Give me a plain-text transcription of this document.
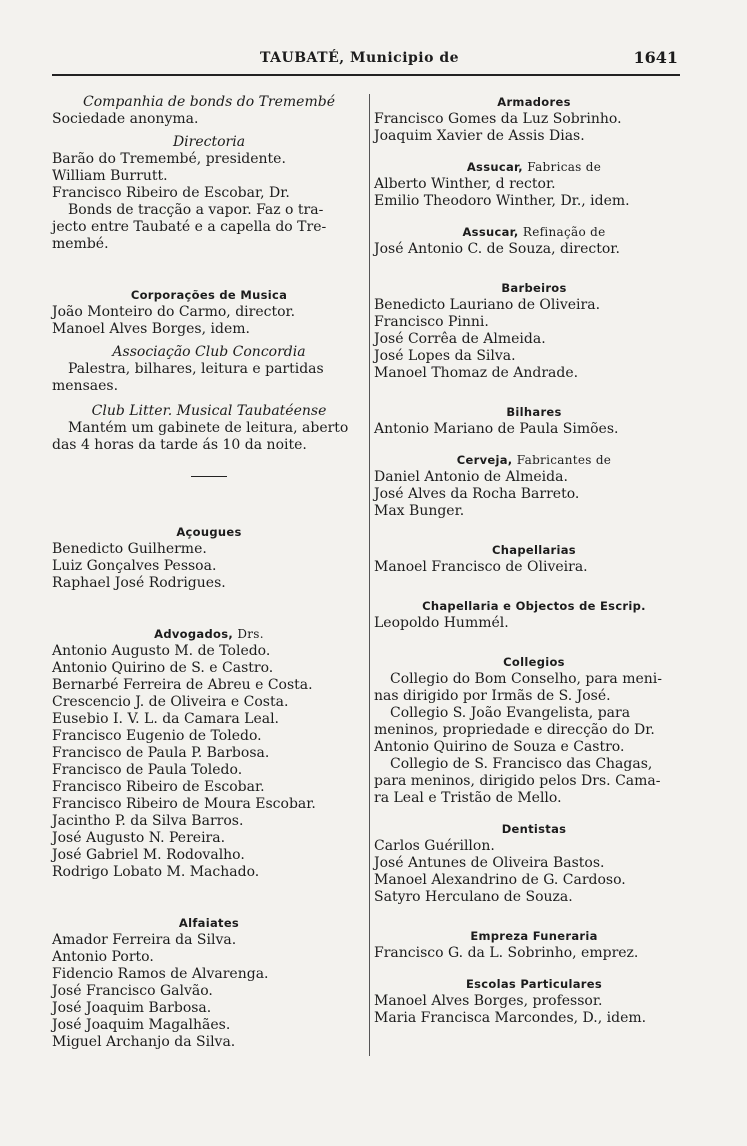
TAUBATÉ, Municipio de	1641
Companhia de bonds do Tremembé
Sociedade anonyma.
Directoria
Barão do Tremembé, presidente.
William Burrutt.
Francisco Ribeiro de Escobar, Dr.
Bonds de tracção a vapor. Faz o tra-
jecto entre Taubaté e a capella do Tre-
membé.
Corporações de Musica
João Monteiro do Carmo, director.
Manoel Alves Borges, idem.
Associação Club Concordia
Palestra, bilhares, leitura e partidas
mensaes.
Club Litter. Musical Taubatéense
Mantém um gabinete de leitura, aberto
das 4 horas da tarde ás 10 da noite.
Açougues
Benedicto Guilherme.
Luiz Gonçalves Pessoa.
Raphael José Rodrigues.
Advogados, Drs.
Antonio Augusto M. de Toledo.
Antonio Quirino de S. e Castro.
Bernarbé Ferreira de Abreu e Costa.
Crescencio J. de Oliveira e Costa.
Eusebio I. V. L. da Camara Leal.
Francisco Eugenio de Toledo.
Francisco de Paula P. Barbosa.
Francisco de Paula Toledo.
Francisco Ribeiro de Escobar.
Francisco Ribeiro de Moura Escobar.
Jacintho P. da Silva Barros.
José Augusto N. Pereira.
José Gabriel M. Rodovalho.
Rodrigo Lobato M. Machado.
Alfaiates
Amador Ferreira da Silva.
Antonio Porto.
Fidencio Ramos de Alvarenga.
José Francisco Galvão.
José Joaquim Barbosa.
José Joaquim Magalhães.
Miguel Archanjo da Silva.
Armadores
Francisco Gomes da Luz Sobrinho.
Joaquim Xavier de Assis Dias.
Assucar, Fabricas de
Alberto Winther, d rector.
Emilio Theodoro Winther, Dr., idem.
Assucar, Refinação de
José Antonio C. de Souza, director.
Barbeiros
Benedicto Lauriano de Oliveira.
Francisco Pinni.
José Corrêa de Almeida.
José Lopes da Silva.
Manoel Thomaz de Andrade.
Bilhares
Antonio Mariano de Paula Simões.
Cerveja, Fabricantes de
Daniel Antonio de Almeida.
José Alves da Rocha Barreto.
Max Bunger.
Chapellarias
Manoel Francisco de Oliveira.
Chapellaria e Objectos de Escrip.
Leopoldo Hummél.
Collegios
Collegio do Bom Conselho, para meni-
nas dirigido por Irmãs de S. José.
Collegio S. João Evangelista, para
meninos, propriedade e direcção do Dr.
Antonio Quirino de Souza e Castro.
Collegio de S. Francisco das Chagas,
para meninos, dirigido pelos Drs. Cama-
ra Leal e Tristão de Mello.
Dentistas
Carlos Guérillon.
José Antunes de Oliveira Bastos.
Manoel Alexandrino de G. Cardoso.
Satyro Herculano de Souza.
Empreza Funeraria
Francisco G. da L. Sobrinho, emprez.
Escolas Particulares
Manoel Alves Borges, professor.
Maria Francisca Marcondes, D., idem.
